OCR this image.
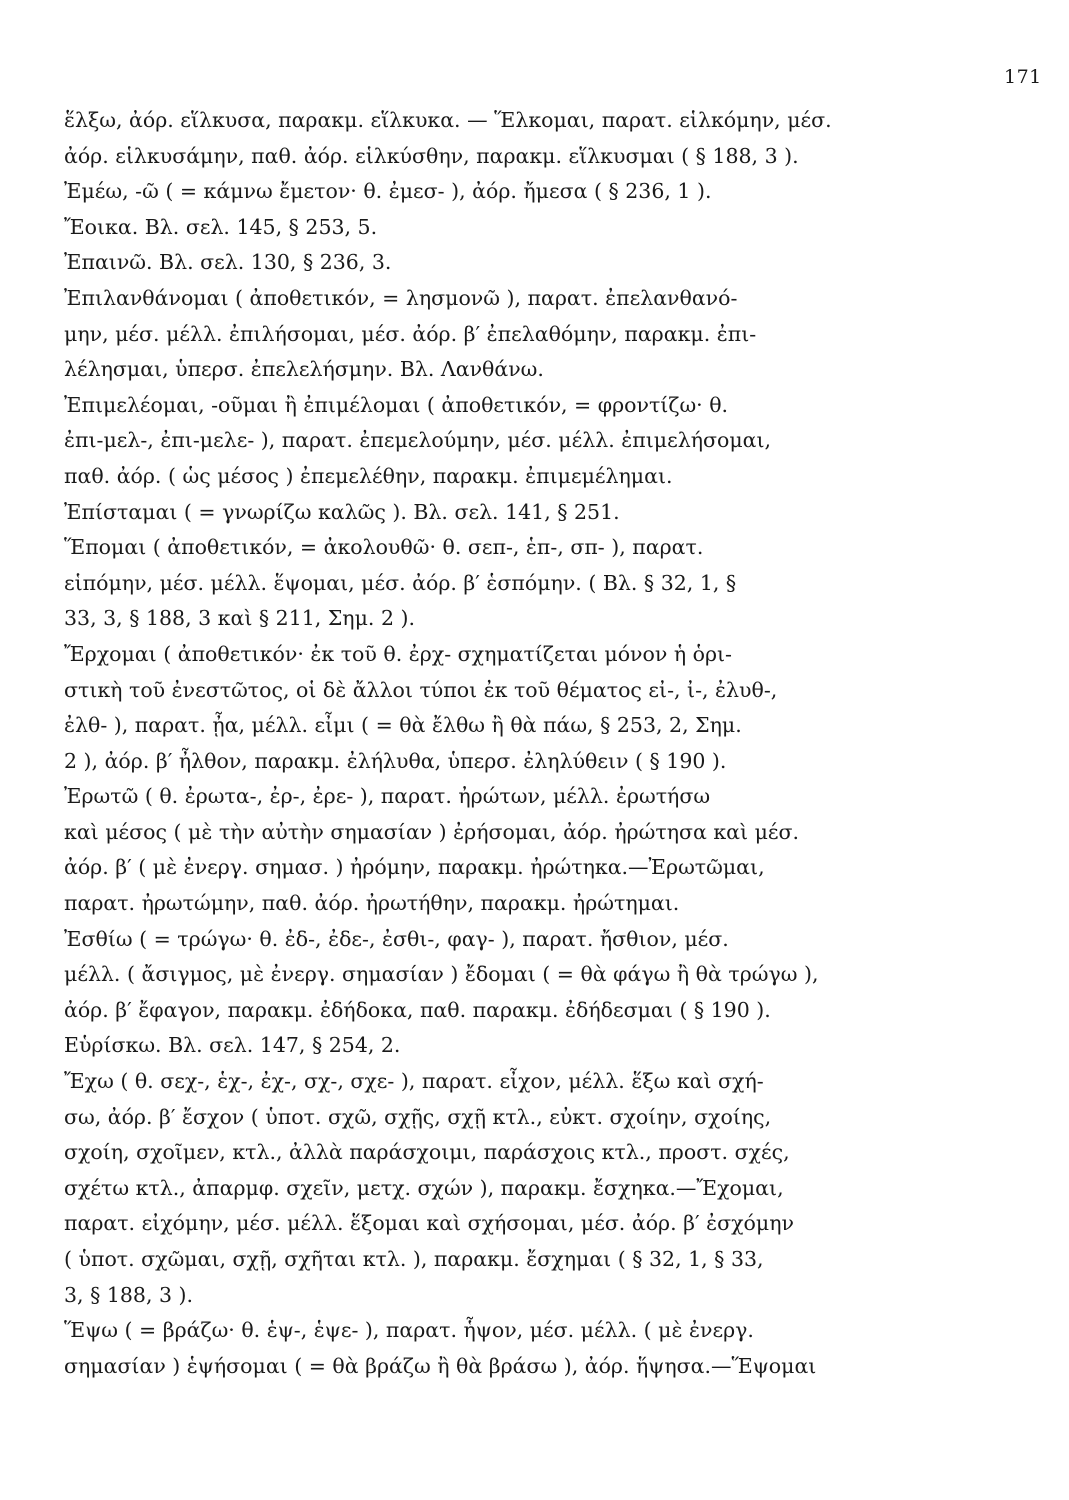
171
ἕλξω, ἀόρ. εἵλκυσα, παρακμ. εἵλκυκα. — Ἕλκομαι, παρατ. εἱλκόμην, μέσ.
ἀόρ. εἱλκυσάμην, παθ. ἀόρ. εἱλκύσθην, παρακμ. εἵλκυσμαι ( § 188, 3 ).
Ἐμέω, -ῶ ( = κάμνω ἔμετον· θ. ἐμεσ- ), ἀόρ. ἤμεσα ( § 236, 1 ).
Ἔοικα. Βλ. σελ. 145, § 253, 5.
Ἐπαινῶ. Βλ. σελ. 130, § 236, 3.
Ἐπιλανθάνομαι ( ἀποθετικόν, = λησμονῶ ), παρατ. ἐπελανθανό-
μην, μέσ. μέλλ. ἐπιλήσομαι, μέσ. ἀόρ. β′ ἐπελαθόμην, παρακμ. ἐπι-
λέλησμαι, ὑπερσ. ἐπελελήσμην. Βλ. Λανθάνω.
Ἐπιμελέομαι, -οῦμαι ἢ ἐπιμέλομαι ( ἀποθετικόν, = φροντίζω· θ.
ἐπι-μελ-, ἐπι-μελε- ), παρατ. ἐπεμελούμην, μέσ. μέλλ. ἐπιμελήσομαι,
παθ. ἀόρ. ( ὡς μέσος ) ἐπεμελέθην, παρακμ. ἐπιμεμέλημαι.
Ἐπίσταμαι ( = γνωρίζω καλῶς ). Βλ. σελ. 141, § 251.
Ἕπομαι ( ἀποθετικόν, = ἀκολουθῶ· θ. σεπ-, ἑπ-, σπ- ), παρατ.
εἱπόμην, μέσ. μέλλ. ἕψομαι, μέσ. ἀόρ. β′ ἑσπόμην. ( Βλ. § 32, 1, §
33, 3, § 188, 3 καὶ § 211, Σημ. 2 ).
Ἔρχομαι ( ἀποθετικόν· ἐκ τοῦ θ. ἐρχ- σχηματίζεται μόνον ἡ ὁρι-
στικὴ τοῦ ἐνεστῶτος, οἱ δὲ ἄλλοι τύποι ἐκ τοῦ θέματος εἰ-, ἰ-, ἐλυθ-,
ἐλθ- ), παρατ. ᾖα, μέλλ. εἶμι ( = θὰ ἔλθω ἢ θὰ πάω, § 253, 2, Σημ.
2 ), ἀόρ. β′ ἦλθον, παρακμ. ἐλήλυθα, ὑπερσ. ἐληλύθειν ( § 190 ).
Ἐρωτῶ ( θ. ἐρωτα-, ἐρ-, ἐρε- ), παρατ. ἠρώτων, μέλλ. ἐρωτήσω
καὶ μέσος ( μὲ τὴν αὐτὴν σημασίαν ) ἐρήσομαι, ἀόρ. ἠρώτησα καὶ μέσ.
ἀόρ. β′ ( μὲ ἐνεργ. σημασ. ) ἠρόμην, παρακμ. ἠρώτηκα.—Ἐρωτῶμαι,
παρατ. ἠρωτώμην, παθ. ἀόρ. ἠρωτήθην, παρακμ. ἠρώτημαι.
Ἐσθίω ( = τρώγω· θ. ἐδ-, ἐδε-, ἐσθι-, φαγ- ), παρατ. ἤσθιον, μέσ.
μέλλ. ( ἄσιγμος, μὲ ἐνεργ. σημασίαν ) ἔδομαι ( = θὰ φάγω ἢ θὰ τρώγω ),
ἀόρ. β′ ἔφαγον, παρακμ. ἐδήδοκα, παθ. παρακμ. ἐδήδεσμαι ( § 190 ).
Εὑρίσκω. Βλ. σελ. 147, § 254, 2.
Ἔχω ( θ. σεχ-, ἑχ-, ἐχ-, σχ-, σχε- ), παρατ. εἶχον, μέλλ. ἕξω καὶ σχή-
σω, ἀόρ. β′ ἔσχον ( ὑποτ. σχῶ, σχῇς, σχῇ κτλ., εὐκτ. σχοίην, σχοίης,
σχοίη, σχοῖμεν, κτλ., ἀλλὰ παράσχοιμι, παράσχοις κτλ., προστ. σχές,
σχέτω κτλ., ἀπαρμφ. σχεῖν, μετχ. σχών ), παρακμ. ἔσχηκα.—Ἔχομαι,
παρατ. εἰχόμην, μέσ. μέλλ. ἕξομαι καὶ σχήσομαι, μέσ. ἀόρ. β′ ἐσχόμην
( ὑποτ. σχῶμαι, σχῇ, σχῆται κτλ. ), παρακμ. ἔσχημαι ( § 32, 1, § 33,
3, § 188, 3 ).
Ἕψω ( = βράζω· θ. ἑψ-, ἑψε- ), παρατ. ἧψον, μέσ. μέλλ. ( μὲ ἐνεργ.
σημασίαν ) ἑψήσομαι ( = θὰ βράζω ἢ θὰ βράσω ), ἀόρ. ἥψησα.—Ἕψομαι
